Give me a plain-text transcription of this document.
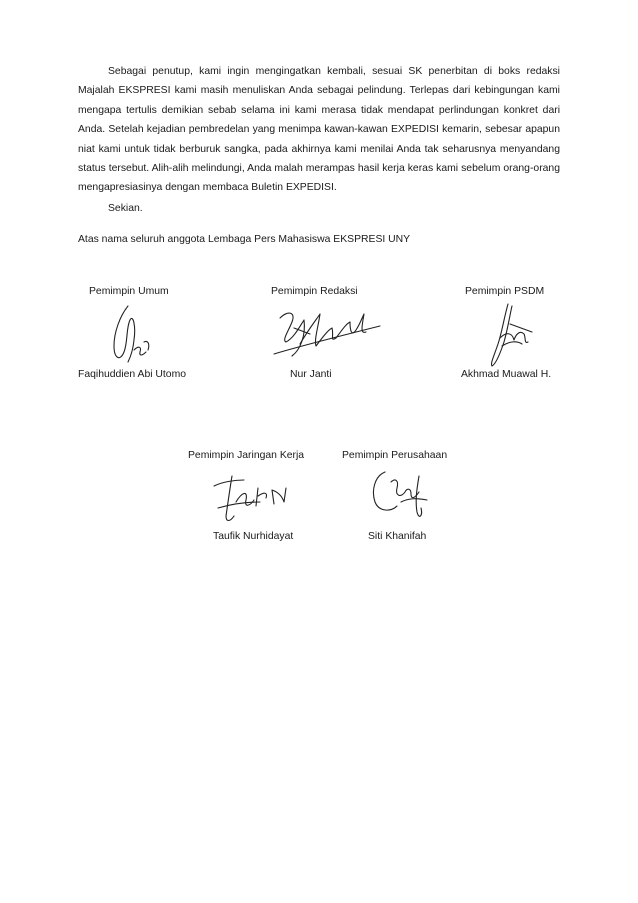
Sebagai penutup, kami ingin mengingatkan kembali, sesuai SK penerbitan di boks redaksi Majalah EKSPRESI kami masih menuliskan Anda sebagai pelindung. Terlepas dari kebingungan kami mengapa tertulis demikian sebab selama ini kami merasa tidak mendapat perlindungan konkret dari Anda. Setelah kejadian pembredelan yang menimpa kawan-kawan EXPEDISI kemarin, sebesar apapun niat kami untuk tidak berburuk sangka, pada akhirnya kami menilai Anda tak seharusnya menyandang status tersebut. Alih-alih melindungi, Anda malah merampas hasil kerja keras kami sebelum orang-orang mengapresiasinya dengan membaca Buletin EXPEDISI.

Sekian.
Atas nama seluruh anggota Lembaga Pers Mahasiswa EKSPRESI UNY
Pemimpin Umum	Pemimpin Redaksi	Pemimpin PSDM
Faqihuddien Abi Utomo	Nur Janti	Akhmad Muawal H.
Pemimpin Jaringan Kerja	Pemimpin Perusahaan
Taufik Nurhidayat	Siti Khanifah
